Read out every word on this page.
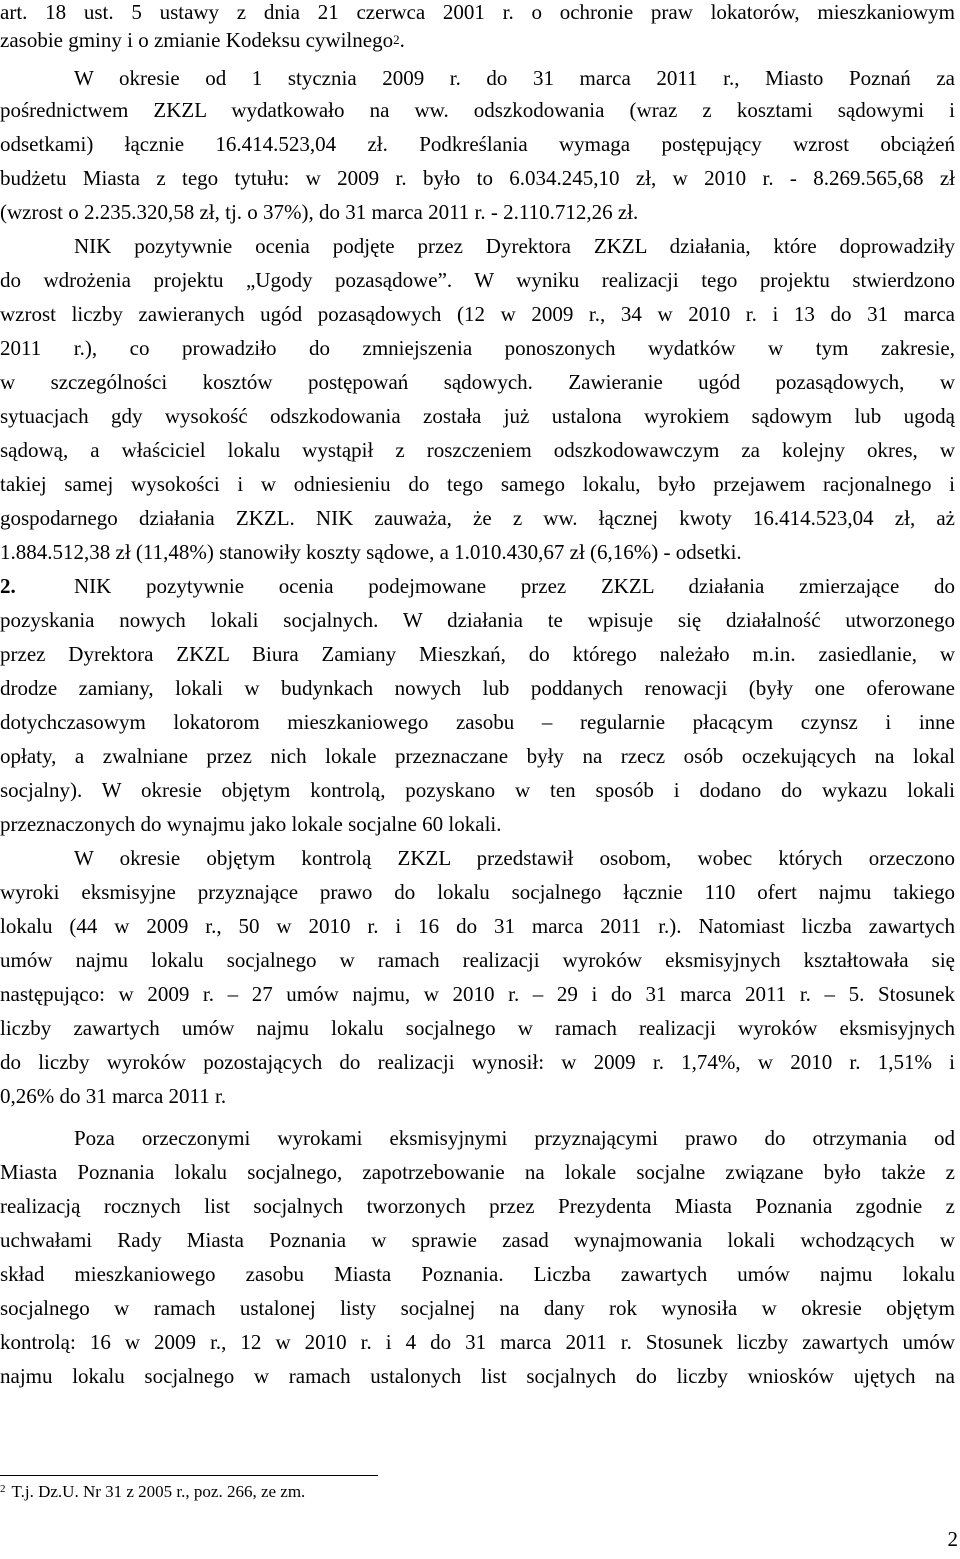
art. 18 ust. 5 ustawy z dnia 21 czerwca 2001 r. o ochronie praw lokatorów, mieszkaniowym
zasobie gminy i o zmianie Kodeksu cywilnego$^2$.
W okresie od 1 stycznia 2009 r. do 31 marca 2011 r., Miasto Poznań za
pośrednictwem ZKZL wydatkowało na ww. odszkodowania (wraz z kosztami sądowymi i
odsetkami) łącznie 16.414.523,04 zł. Podkreślania wymaga postępujący wzrost obciążeń
budżetu Miasta z tego tytułu: w 2009 r. było to 6.034.245,10 zł, w 2010 r. - 8.269.565,68 zł
(wzrost o 2.235.320,58 zł, tj. o 37%), do 31 marca 2011 r. - 2.110.712,26 zł.
NIK pozytywnie ocenia podjęte przez Dyrektora ZKZL działania, które doprowadziły
do wdrożenia projektu „Ugody pozasądowe”. W wyniku realizacji tego projektu stwierdzono
wzrost liczby zawieranych ugód pozasądowych (12 w 2009 r., 34 w 2010 r. i 13 do 31 marca
2011 r.), co prowadziło do zmniejszenia ponoszonych wydatków w tym zakresie,
w szczególności kosztów postępowań sądowych. Zawieranie ugód pozasądowych, w
sytuacjach gdy wysokość odszkodowania została już ustalona wyrokiem sądowym lub ugodą
sądową, a właściciel lokalu wystąpił z roszczeniem odszkodowawczym za kolejny okres, w
takiej samej wysokości i w odniesieniu do tego samego lokalu, było przejawem racjonalnego i
gospodarnego działania ZKZL. NIK zauważa, że z ww. łącznej kwoty 16.414.523,04 zł, aż
1.884.512,38 zł (11,48%) stanowiły koszty sądowe, a 1.010.430,67 zł (6,16%) - odsetki.
2.	NIK pozytywnie ocenia podejmowane przez ZKZL działania zmierzające do
pozyskania nowych lokali socjalnych. W działania te wpisuje się działalność utworzonego
przez Dyrektora ZKZL Biura Zamiany Mieszkań, do którego należało m.in. zasiedlanie, w
drodze zamiany, lokali w budynkach nowych lub poddanych renowacji (były one oferowane
dotychczasowym lokatorom mieszkaniowego zasobu – regularnie płacącym czynsz i inne
opłaty, a zwalniane przez nich lokale przeznaczane były na rzecz osób oczekujących na lokal
socjalny). W okresie objętym kontrolą, pozyskano w ten sposób i dodano do wykazu lokali
przeznaczonych do wynajmu jako lokale socjalne 60 lokali.
W okresie objętym kontrolą ZKZL przedstawił osobom, wobec których orzeczono
wyroki eksmisyjne przyznające prawo do lokalu socjalnego łącznie 110 ofert najmu takiego
lokalu (44 w 2009 r., 50 w 2010 r. i 16 do 31 marca 2011 r.). Natomiast liczba zawartych
umów najmu lokalu socjalnego w ramach realizacji wyroków eksmisyjnych kształtowała się
następująco: w 2009 r. – 27 umów najmu, w 2010 r. – 29 i do 31 marca 2011 r. – 5. Stosunek
liczby zawartych umów najmu lokalu socjalnego w ramach realizacji wyroków eksmisyjnych
do liczby wyroków pozostających do realizacji wynosił: w 2009 r. 1,74%, w 2010 r. 1,51% i
0,26% do 31 marca 2011 r.
Poza orzeczonymi wyrokami eksmisyjnymi przyznającymi prawo do otrzymania od
Miasta Poznania lokalu socjalnego, zapotrzebowanie na lokale socjalne związane było także z
realizacją rocznych list socjalnych tworzonych przez Prezydenta Miasta Poznania zgodnie z
uchwałami Rady Miasta Poznania w sprawie zasad wynajmowania lokali wchodzących w
skład mieszkaniowego zasobu Miasta Poznania. Liczba zawartych umów najmu lokalu
socjalnego w ramach ustalonej listy socjalnej na dany rok wynosiła w okresie objętym
kontrolą: 16 w 2009 r., 12 w 2010 r. i 4 do 31 marca 2011 r. Stosunek liczby zawartych umów
najmu lokalu socjalnego w ramach ustalonych list socjalnych do liczby wniosków ujętych na
$^2$ T.j. Dz.U. Nr 31 z 2005 r., poz. 266, ze zm.
2
